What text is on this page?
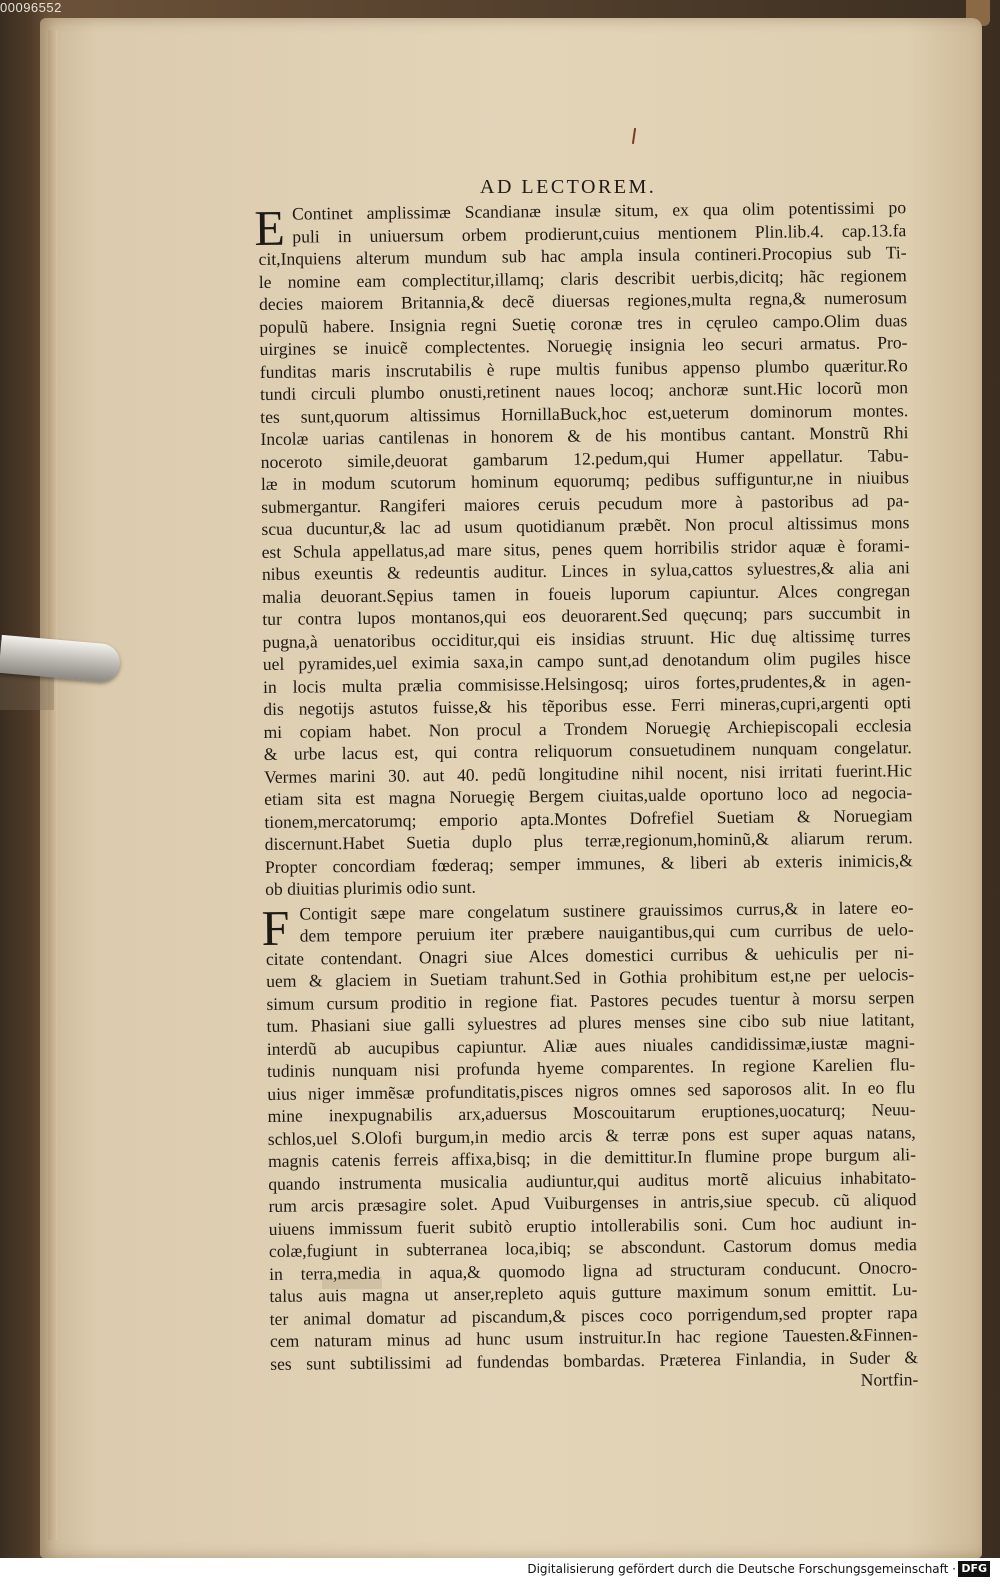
00096552
AD LECTOREM.
E Continet amplissimæ Scandianæ insulæ situm, ex qua olim potentissimi po
puli in uniuersum orbem prodierunt,cuius mentionem Plin.lib.4. cap.13.fa
cit,Inquiens alterum mundum sub hac ampla insula contineri.Procopius sub Ti-
le nomine eam complectitur,illamq; claris describit uerbis,dicitq; hãc regionem
decies maiorem Britannia,& decẽ diuersas regiones,multa regna,& numerosum
populũ habere. Insignia regni Suetię coronæ tres in cęruleo campo.Olim duas
uirgines se inuicẽ complectentes. Noruegię insignia leo securi armatus. Pro-
funditas maris inscrutabilis è rupe multis funibus appenso plumbo quæritur.Ro
tundi circuli plumbo onusti,retinent naues locoq; anchoræ sunt.Hic locorũ mon
tes sunt,quorum altissimus HornillaBuck,hoc est,ueterum dominorum montes.
Incolæ uarias cantilenas in honorem & de his montibus cantant. Monstrũ Rhi
noceroto simile,deuorat gambarum 12.pedum,qui Humer appellatur. Tabu-
læ in modum scutorum hominum equorumq; pedibus suffiguntur,ne in niuibus
submergantur. Rangiferi maiores ceruis pecudum more à pastoribus ad pa-
scua ducuntur,& lac ad usum quotidianum præbẽt. Non procul altissimus mons
est Schula appellatus,ad mare situs, penes quem horribilis stridor aquæ è forami-
nibus exeuntis & redeuntis auditur. Linces in sylua,cattos syluestres,& alia ani
malia deuorant.Sępius tamen in foueis luporum capiuntur. Alces congregan
tur contra lupos montanos,qui eos deuorarent.Sed quęcunq; pars succumbit in
pugna,à uenatoribus occiditur,qui eis insidias struunt. Hic duę altissimę turres
uel pyramides,uel eximia saxa,in campo sunt,ad denotandum olim pugiles hisce
in locis multa prælia commisisse.Helsingosq; uiros fortes,prudentes,& in agen-
dis negotijs astutos fuisse,& his tẽporibus esse. Ferri mineras,cupri,argenti opti
mi copiam habet. Non procul a Trondem Noruegię Archiepiscopali ecclesia
& urbe lacus est, qui contra reliquorum consuetudinem nunquam congelatur.
Vermes marini 30. aut 40. pedũ longitudine nihil nocent, nisi irritati fuerint.Hic
etiam sita est magna Noruegię Bergem ciuitas,ualde oportuno loco ad negocia-
tionem,mercatorumq; emporio apta.Montes Dofrefiel Suetiam & Noruegiam
discernunt.Habet Suetia duplo plus terræ,regionum,hominũ,& aliarum rerum.
Propter concordiam fœderaq; semper immunes, & liberi ab exteris inimicis,&
ob diuitias plurimis odio sunt.
F Contigit sæpe mare congelatum sustinere grauissimos currus,& in latere eo-
dem tempore peruium iter præbere nauigantibus,qui cum curribus de uelo-
citate contendant. Onagri siue Alces domestici curribus & uehiculis per ni-
uem & glaciem in Suetiam trahunt.Sed in Gothia prohibitum est,ne per uelocis-
simum cursum proditio in regione fiat. Pastores pecudes tuentur à morsu serpen
tum. Phasiani siue galli syluestres ad plures menses sine cibo sub niue latitant,
interdũ ab aucupibus capiuntur. Aliæ aues niuales candidissimæ,iustæ magni-
tudinis nunquam nisi profunda hyeme comparentes. In regione Karelien flu-
uius niger immẽsæ profunditatis,pisces nigros omnes sed saporosos alit. In eo flu
mine inexpugnabilis arx,aduersus Moscouitarum eruptiones,uocaturq; Neuu-
schlos,uel S.Olofi burgum,in medio arcis & terræ pons est super aquas natans,
magnis catenis ferreis affixa,bisq; in die demittitur.In flumine prope burgum ali-
quando instrumenta musicalia audiuntur,qui auditus mortẽ alicuius inhabitato-
rum arcis præsagire solet. Apud Vuiburgenses in antris,siue specub. cũ aliquod
uiuens immissum fuerit subitò eruptio intollerabilis soni. Cum hoc audiunt in-
colæ,fugiunt in subterranea loca,ibiq; se abscondunt. Castorum domus media
in terra,media in aqua,& quomodo ligna ad structuram conducunt. Onocro-
talus auis magna ut anser,repleto aquis gutture maximum sonum emittit. Lu-
ter animal domatur ad piscandum,& pisces coco porrigendum,sed propter rapa
cem naturam minus ad hunc usum instruitur.In hac regione Tauesten.&Finnen-
ses sunt subtilissimi ad fundendas bombardas. Præterea Finlandia, in Suder &
Nortfin-
Digitalisierung gefördert durch die Deutsche Forschungsgemeinschaft · DFG
